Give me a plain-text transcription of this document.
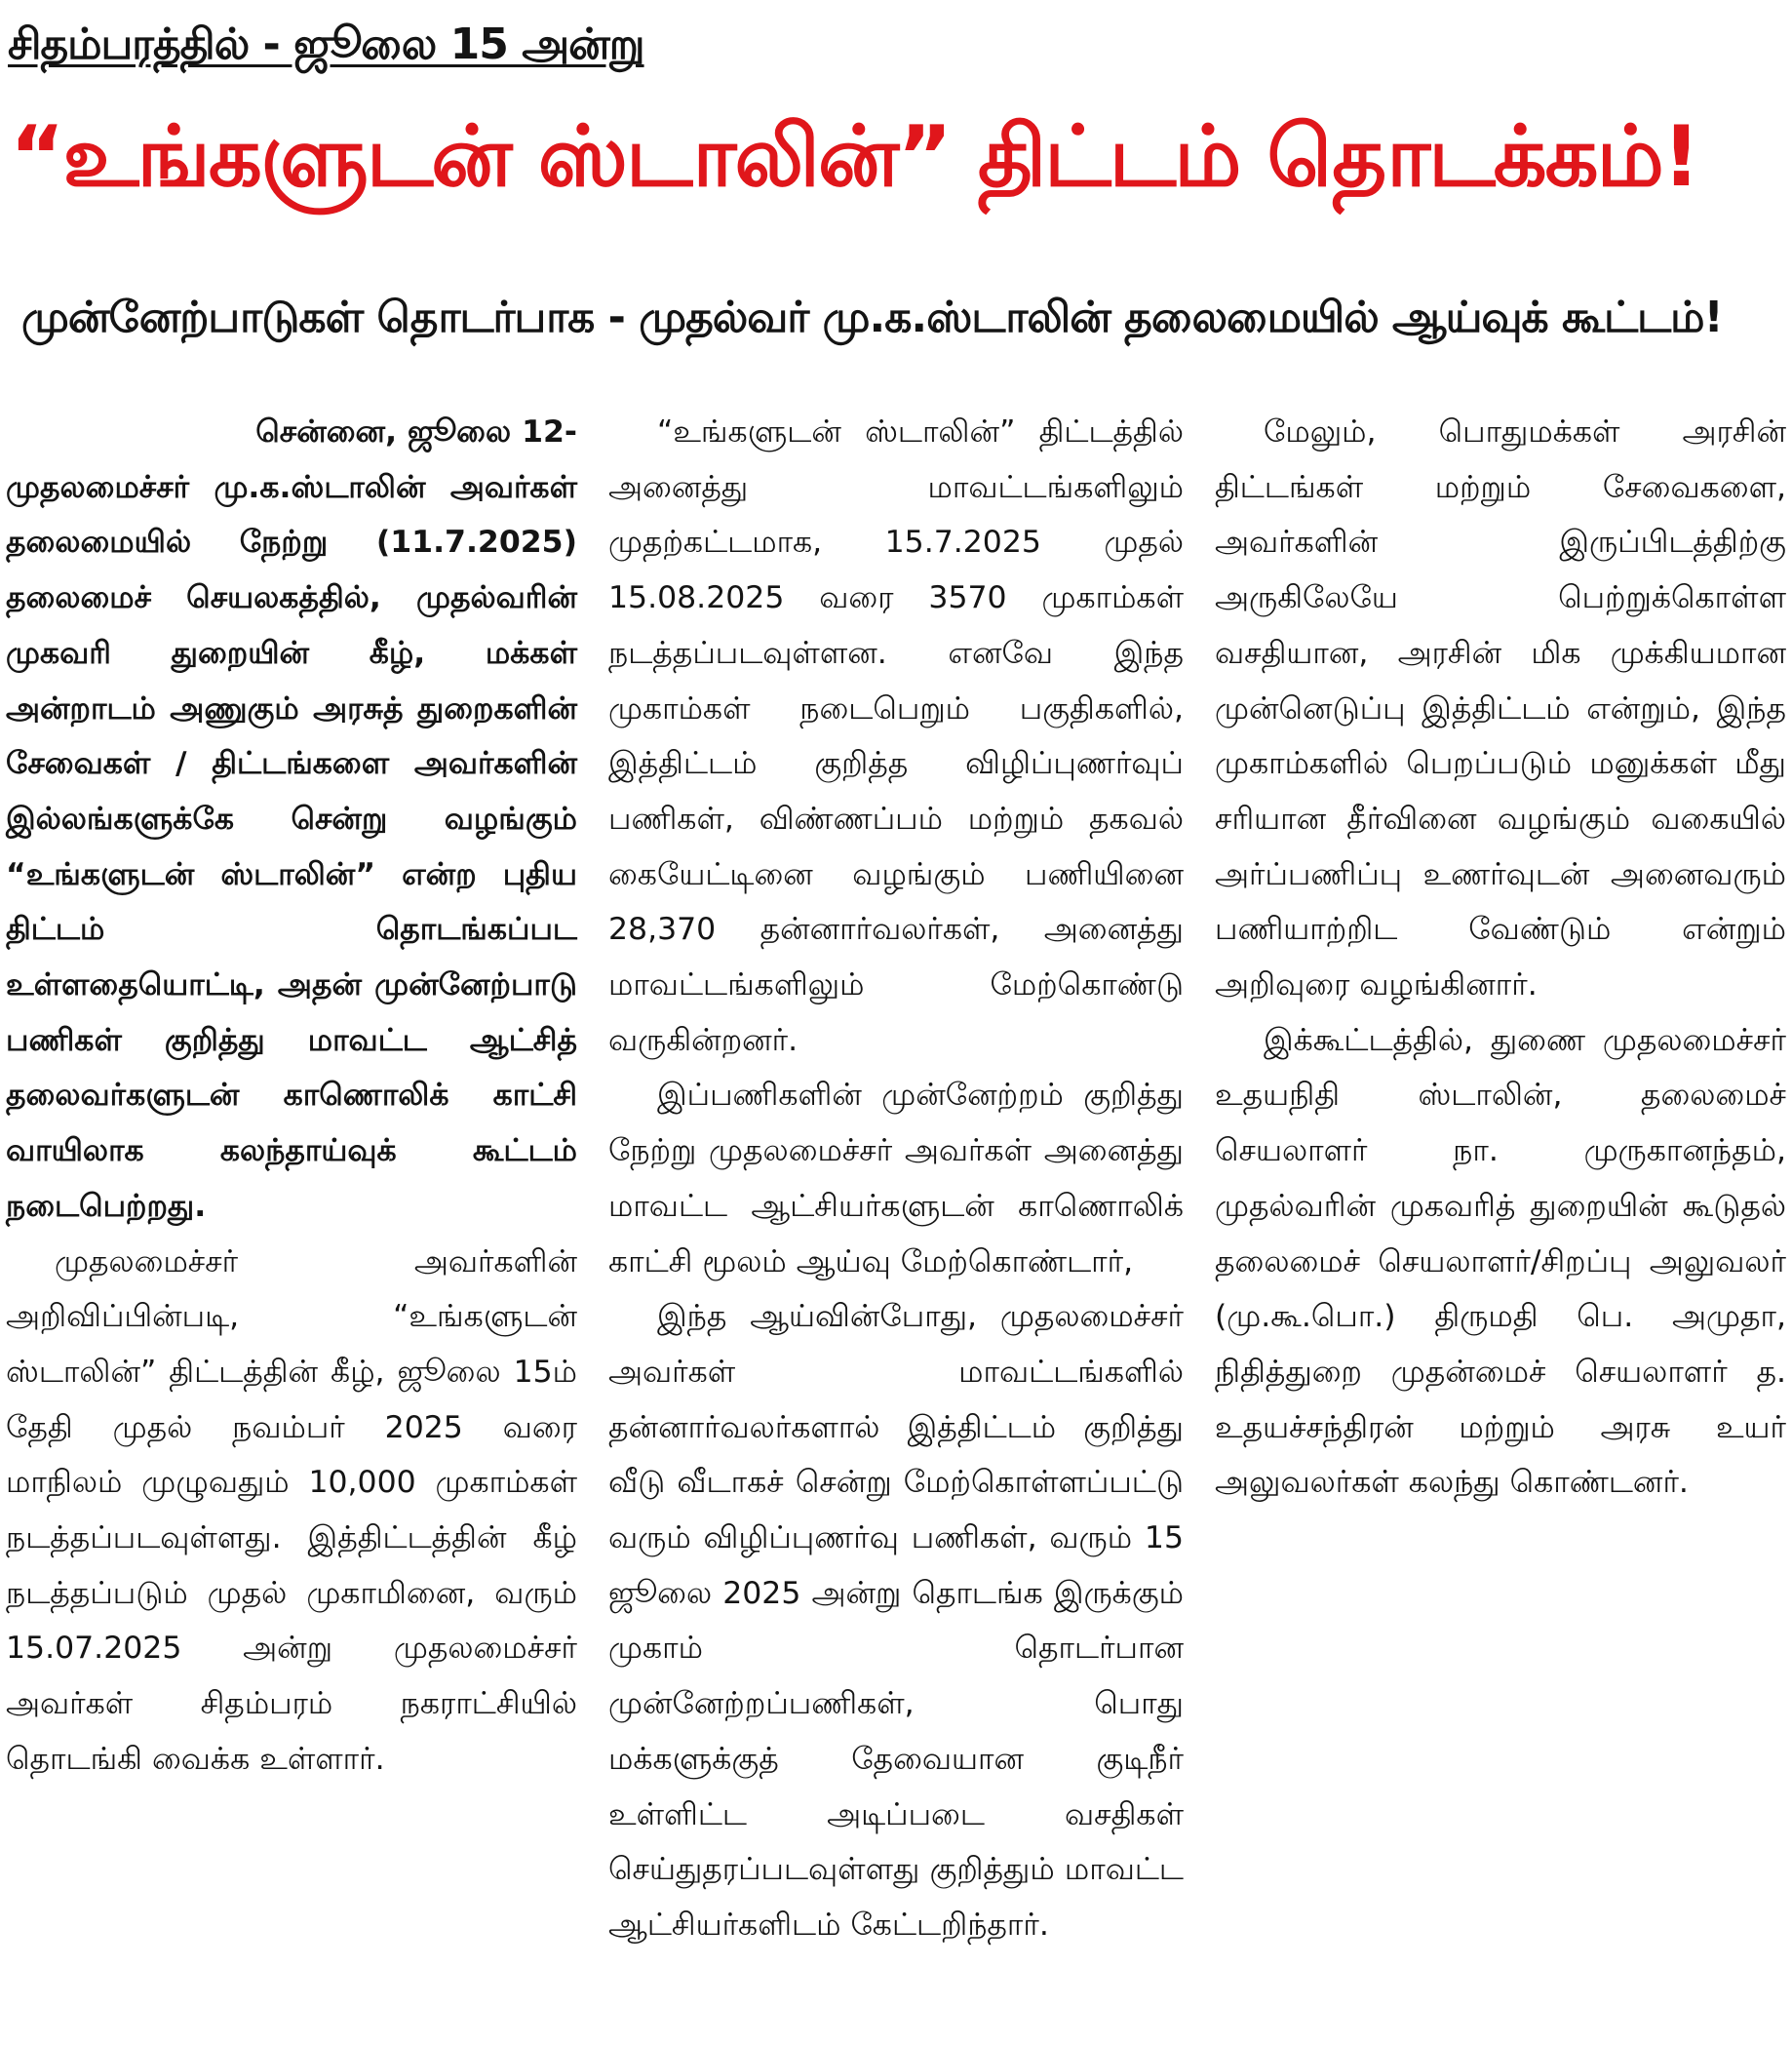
சிதம்பரத்தில் - ஜூலை 15 அன்று
“உங்களுடன் ஸ்டாலின்” திட்டம் தொடக்கம்!
முன்னேற்பாடுகள் தொடர்பாக - முதல்வர் மு.க.ஸ்டாலின் தலைமையில் ஆய்வுக் கூட்டம்!

சென்னை, ஜூலை 12-

முதலமைச்சர் மு.க.ஸ்டாலின் அவர்கள் தலைமையில் நேற்று (11.7.2025) தலைமைச் செயலகத்தில், முதல்வரின் முகவரி துறையின் கீழ், மக்கள் அன்றாடம் அணுகும் அரசுத் துறைகளின் சேவைகள் / திட்டங்களை அவர்களின் இல்லங்களுக்கே சென்று வழங்கும் “உங்களுடன் ஸ்டாலின்” என்ற புதிய திட்டம் தொடங்கப்பட உள்ளதையொட்டி, அதன் முன்னேற்பாடு பணிகள் குறித்து மாவட்ட ஆட்சித் தலைவர்களுடன் காணொலிக் காட்சி வாயிலாக கலந்தாய்வுக் கூட்டம் நடைபெற்றது.

முதலமைச்சர் அவர்களின் அறிவிப்பின்படி, “உங்களுடன் ஸ்டாலின்” திட்டத்தின் கீழ், ஜூலை 15ம் தேதி முதல் நவம்பர் 2025 வரை மாநிலம் முழுவதும் 10,000 முகாம்கள் நடத்தப்படவுள்ளது. இத்திட்டத்தின் கீழ் நடத்தப்படும் முதல் முகாமினை, வரும் 15.07.2025 அன்று முதலமைச்சர் அவர்கள் சிதம்பரம் நகராட்சியில் தொடங்கி வைக்க உள்ளார்.

“உங்களுடன் ஸ்டாலின்” திட்டத்தில் அனைத்து மாவட்டங்களிலும் முதற்கட்டமாக, 15.7.2025 முதல் 15.08.2025 வரை 3570 முகாம்கள் நடத்தப்படவுள்ளன. எனவே இந்த முகாம்கள் நடைபெறும் பகுதிகளில், இத்திட்டம் குறித்த விழிப்புணர்வுப் பணிகள், விண்ணப்பம் மற்றும் தகவல் கையேட்டினை வழங்கும் பணியினை 28,370 தன்னார்வலர்கள், அனைத்து மாவட்டங்களிலும் மேற்கொண்டு வருகின்றனர்.

இப்பணிகளின் முன்னேற்றம் குறித்து நேற்று முதலமைச்சர் அவர்கள் அனைத்து மாவட்ட ஆட்சியர்களுடன் காணொலிக் காட்சி மூலம் ஆய்வு மேற்கொண்டார்,

இந்த ஆய்வின்போது, முதலமைச்சர் அவர்கள் மாவட்டங்களில் தன்னார்வலர்களால் இத்திட்டம் குறித்து வீடு வீடாகச் சென்று மேற்கொள்ளப்பட்டு வரும் விழிப்புணர்வு பணிகள், வரும் 15 ஜூலை 2025 அன்று தொடங்க இருக்கும் முகாம் தொடர்பான முன்னேற்றப்பணிகள், பொது மக்களுக்குத் தேவையான குடிநீர் உள்ளிட்ட அடிப்படை வசதிகள் செய்துதரப்படவுள்ளது குறித்தும் மாவட்ட ஆட்சியர்களிடம் கேட்டறிந்தார்.

மேலும், பொதுமக்கள் அரசின் திட்டங்கள் மற்றும் சேவைகளை, அவர்களின் இருப்பிடத்திற்கு அருகிலேயே பெற்றுக்கொள்ள வசதியான, அரசின் மிக முக்கியமான முன்னெடுப்பு இத்திட்டம் என்றும், இந்த முகாம்களில் பெறப்படும் மனுக்கள் மீது சரியான தீர்வினை வழங்கும் வகையில் அர்ப்பணிப்பு உணர்வுடன் அனைவரும் பணியாற்றிட வேண்டும் என்றும் அறிவுரை வழங்கினார்.

இக்கூட்டத்தில், துணை முதலமைச்சர் உதயநிதி ஸ்டாலின், தலைமைச் செயலாளர் நா. முருகானந்தம், முதல்வரின் முகவரித் துறையின் கூடுதல் தலைமைச் செயலாளர்/சிறப்பு அலுவலர் (மு.கூ.பொ.) திருமதி பெ. அமுதா, நிதித்துறை முதன்மைச் செயலாளர் த. உதயச்சந்திரன் மற்றும் அரசு உயர் அலுவலர்கள் கலந்து கொண்டனர்.
